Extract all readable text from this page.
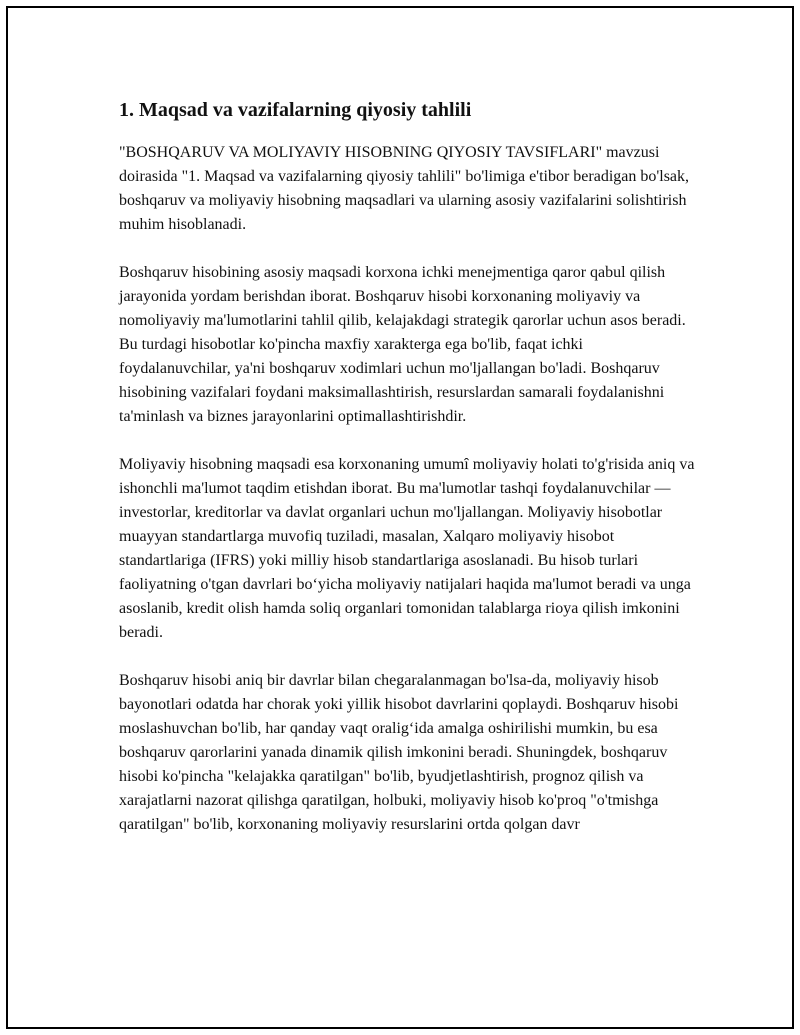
1. Maqsad va vazifalarning qiyosiy tahlili

"BOSHQARUV VA MOLIYAVIY HISOBNING QIYOSIY TAVSIFLARI" mavzusi doirasida "1. Maqsad va vazifalarning qiyosiy tahlili" bo'limiga e'tibor beradigan bo'lsak, boshqaruv va moliyaviy hisobning maqsadlari va ularning asosiy vazifalarini solishtirish muhim hisoblanadi.

Boshqaruv hisobining asosiy maqsadi korxona ichki menejmentiga qaror qabul qilish jarayonida yordam berishdan iborat. Boshqaruv hisobi korxonaning moliyaviy va nomoliyaviy ma'lumotlarini tahlil qilib, kelajakdagi strategik qarorlar uchun asos beradi. Bu turdagi hisobotlar ko'pincha maxfiy xarakterga ega bo'lib, faqat ichki foydalanuvchilar, ya'ni boshqaruv xodimlari uchun mo'ljallangan bo'ladi. Boshqaruv hisobining vazifalari foydani maksimallashtirish, resurslardan samarali foydalanishni ta'minlash va biznes jarayonlarini optimallashtirishdir.

Moliyaviy hisobning maqsadi esa korxonaning umumî moliyaviy holati to'g'risida aniq va ishonchli ma'lumot taqdim etishdan iborat. Bu ma'lumotlar tashqi foydalanuvchilar — investorlar, kreditorlar va davlat organlari uchun mo'ljallangan. Moliyaviy hisobotlar muayyan standartlarga muvofiq tuziladi, masalan, Xalqaro moliyaviy hisobot standartlariga (IFRS) yoki milliy hisob standartlariga asoslanadi. Bu hisob turlari faoliyatning o'tgan davrlari bo‘yicha moliyaviy natijalari haqida ma'lumot beradi va unga asoslanib, kredit olish hamda soliq organlari tomonidan talablarga rioya qilish imkonini beradi.

Boshqaruv hisobi aniq bir davrlar bilan chegaralanmagan bo'lsa-da, moliyaviy hisob bayonotlari odatda har chorak yoki yillik hisobot davrlarini qoplaydi. Boshqaruv hisobi moslashuvchan bo'lib, har qanday vaqt oralig‘ida amalga oshirilishi mumkin, bu esa boshqaruv qarorlarini yanada dinamik qilish imkonini beradi. Shuningdek, boshqaruv hisobi ko'pincha "kelajakka qaratilgan" bo'lib, byudjetlashtirish, prognoz qilish va xarajatlarni nazorat qilishga qaratilgan, holbuki, moliyaviy hisob ko'proq "o'tmishga qaratilgan" bo'lib, korxonaning moliyaviy resurslarini ortda qolgan davr
